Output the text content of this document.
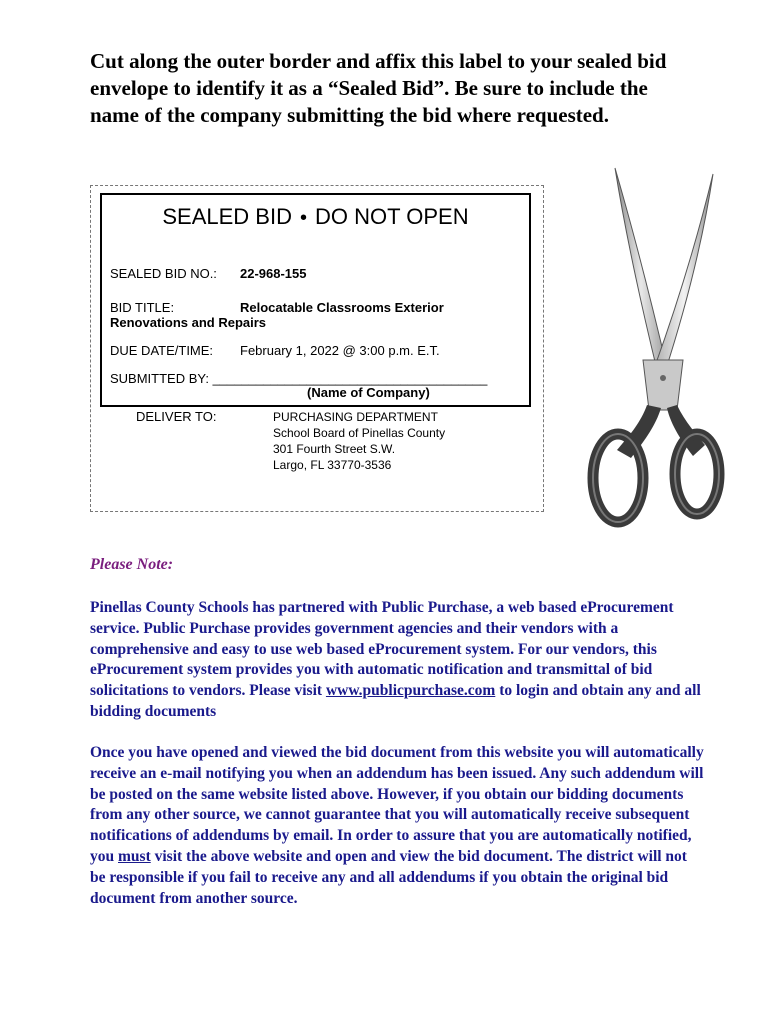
Cut along the outer border and affix this label to your sealed bid envelope to identify it as a “Sealed Bid”. Be sure to include the name of the company submitting the bid where requested.

SEALED BID • DO NOT OPEN
SEALED BID NO.: 22-968-155
BID TITLE:	Relocatable Classrooms Exterior
Renovations and Repairs
DUE DATE/TIME: February 1, 2022 @ 3:00 p.m. E.T.
SUBMITTED BY: ______________________________________
(Name of Company)
DELIVER TO:	PURCHASING DEPARTMENT
School Board of Pinellas County
301 Fourth Street S.W.
Largo, FL 33770-3536
Please Note:

Pinellas County Schools has partnered with Public Purchase, a web based eProcurement service. Public Purchase provides government agencies and their vendors with a comprehensive and easy to use web based eProcurement system. For our vendors, this eProcurement system provides you with automatic notification and transmittal of bid solicitations to vendors. Please visit www.publicpurchase.com to login and obtain any and all bidding documents

Once you have opened and viewed the bid document from this website you will automatically receive an e-mail notifying you when an addendum has been issued. Any such addendum will be posted on the same website listed above. However, if you obtain our bidding documents from any other source, we cannot guarantee that you will automatically receive subsequent notifications of addendums by email. In order to assure that you are automatically notified, you must visit the above website and open and view the bid document. The district will not be responsible if you fail to receive any and all addendums if you obtain the original bid document from another source.
